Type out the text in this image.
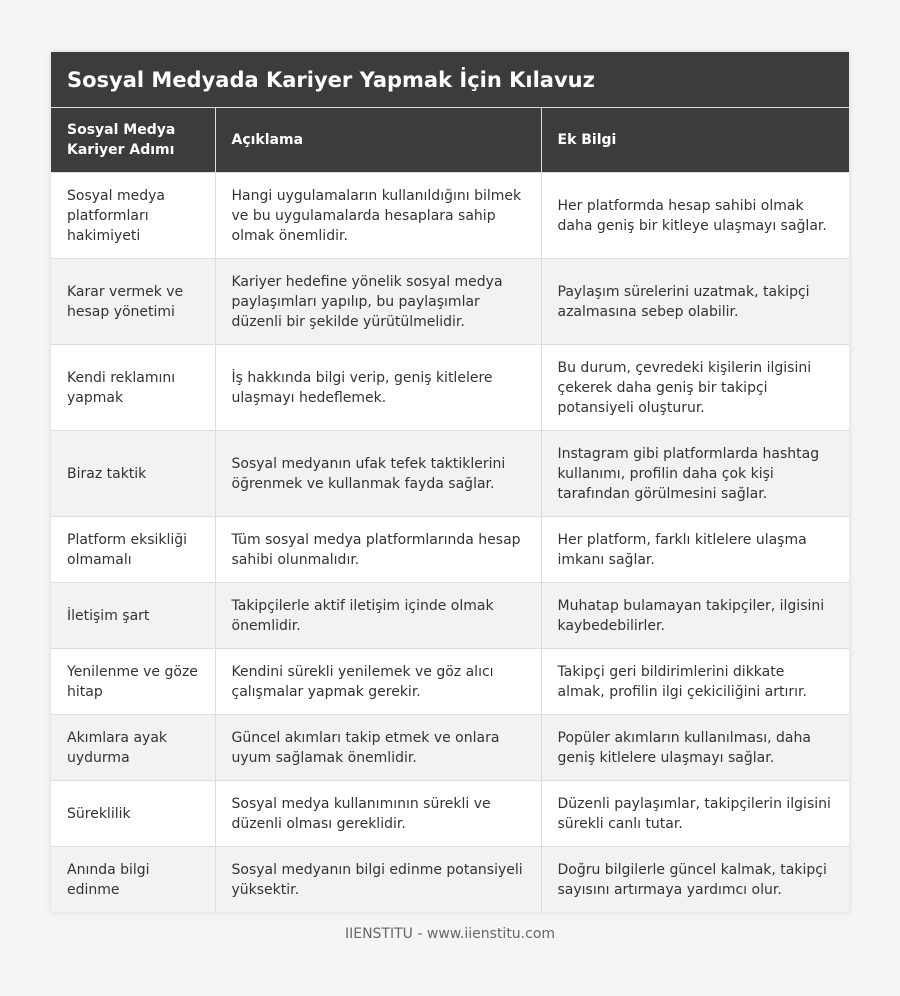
Sosyal Medyada Kariyer Yapmak İçin Kılavuz
Sosyal Medya Kariyer Adımı	Açıklama	Ek Bilgi
Sosyal medya platformları hakimiyeti	Hangi uygulamaların kullanıldığını bilmek ve bu uygulamalarda hesaplara sahip olmak önemlidir.	Her platformda hesap sahibi olmak daha geniş bir kitleye ulaşmayı sağlar.
Karar vermek ve hesap yönetimi	Kariyer hedefine yönelik sosyal medya paylaşımları yapılıp, bu paylaşımlar düzenli bir şekilde yürütülmelidir.	Paylaşım sürelerini uzatmak, takipçi azalmasına sebep olabilir.
Kendi reklamını yapmak	İş hakkında bilgi verip, geniş kitlelere ulaşmayı hedeflemek.	Bu durum, çevredeki kişilerin ilgisini çekerek daha geniş bir takipçi potansiyeli oluşturur.
Biraz taktik	Sosyal medyanın ufak tefek taktiklerini öğrenmek ve kullanmak fayda sağlar.	Instagram gibi platformlarda hashtag kullanımı, profilin daha çok kişi tarafından görülmesini sağlar.
Platform eksikliği olmamalı	Tüm sosyal medya platformlarında hesap sahibi olunmalıdır.	Her platform, farklı kitlelere ulaşma imkanı sağlar.
İletişim şart	Takipçilerle aktif iletişim içinde olmak önemlidir.	Muhatap bulamayan takipçiler, ilgisini kaybedebilirler.
Yenilenme ve göze hitap	Kendini sürekli yenilemek ve göz alıcı çalışmalar yapmak gerekir.	Takipçi geri bildirimlerini dikkate almak, profilin ilgi çekiciliğini artırır.
Akımlara ayak uydurma	Güncel akımları takip etmek ve onlara uyum sağlamak önemlidir.	Popüler akımların kullanılması, daha geniş kitlelere ulaşmayı sağlar.
Süreklilik	Sosyal medya kullanımının sürekli ve düzenli olması gereklidir.	Düzenli paylaşımlar, takipçilerin ilgisini sürekli canlı tutar.
Anında bilgi edinme	Sosyal medyanın bilgi edinme potansiyeli yüksektir.	Doğru bilgilerle güncel kalmak, takipçi sayısını artırmaya yardımcı olur.
IIENSTITU - www.iienstitu.com
